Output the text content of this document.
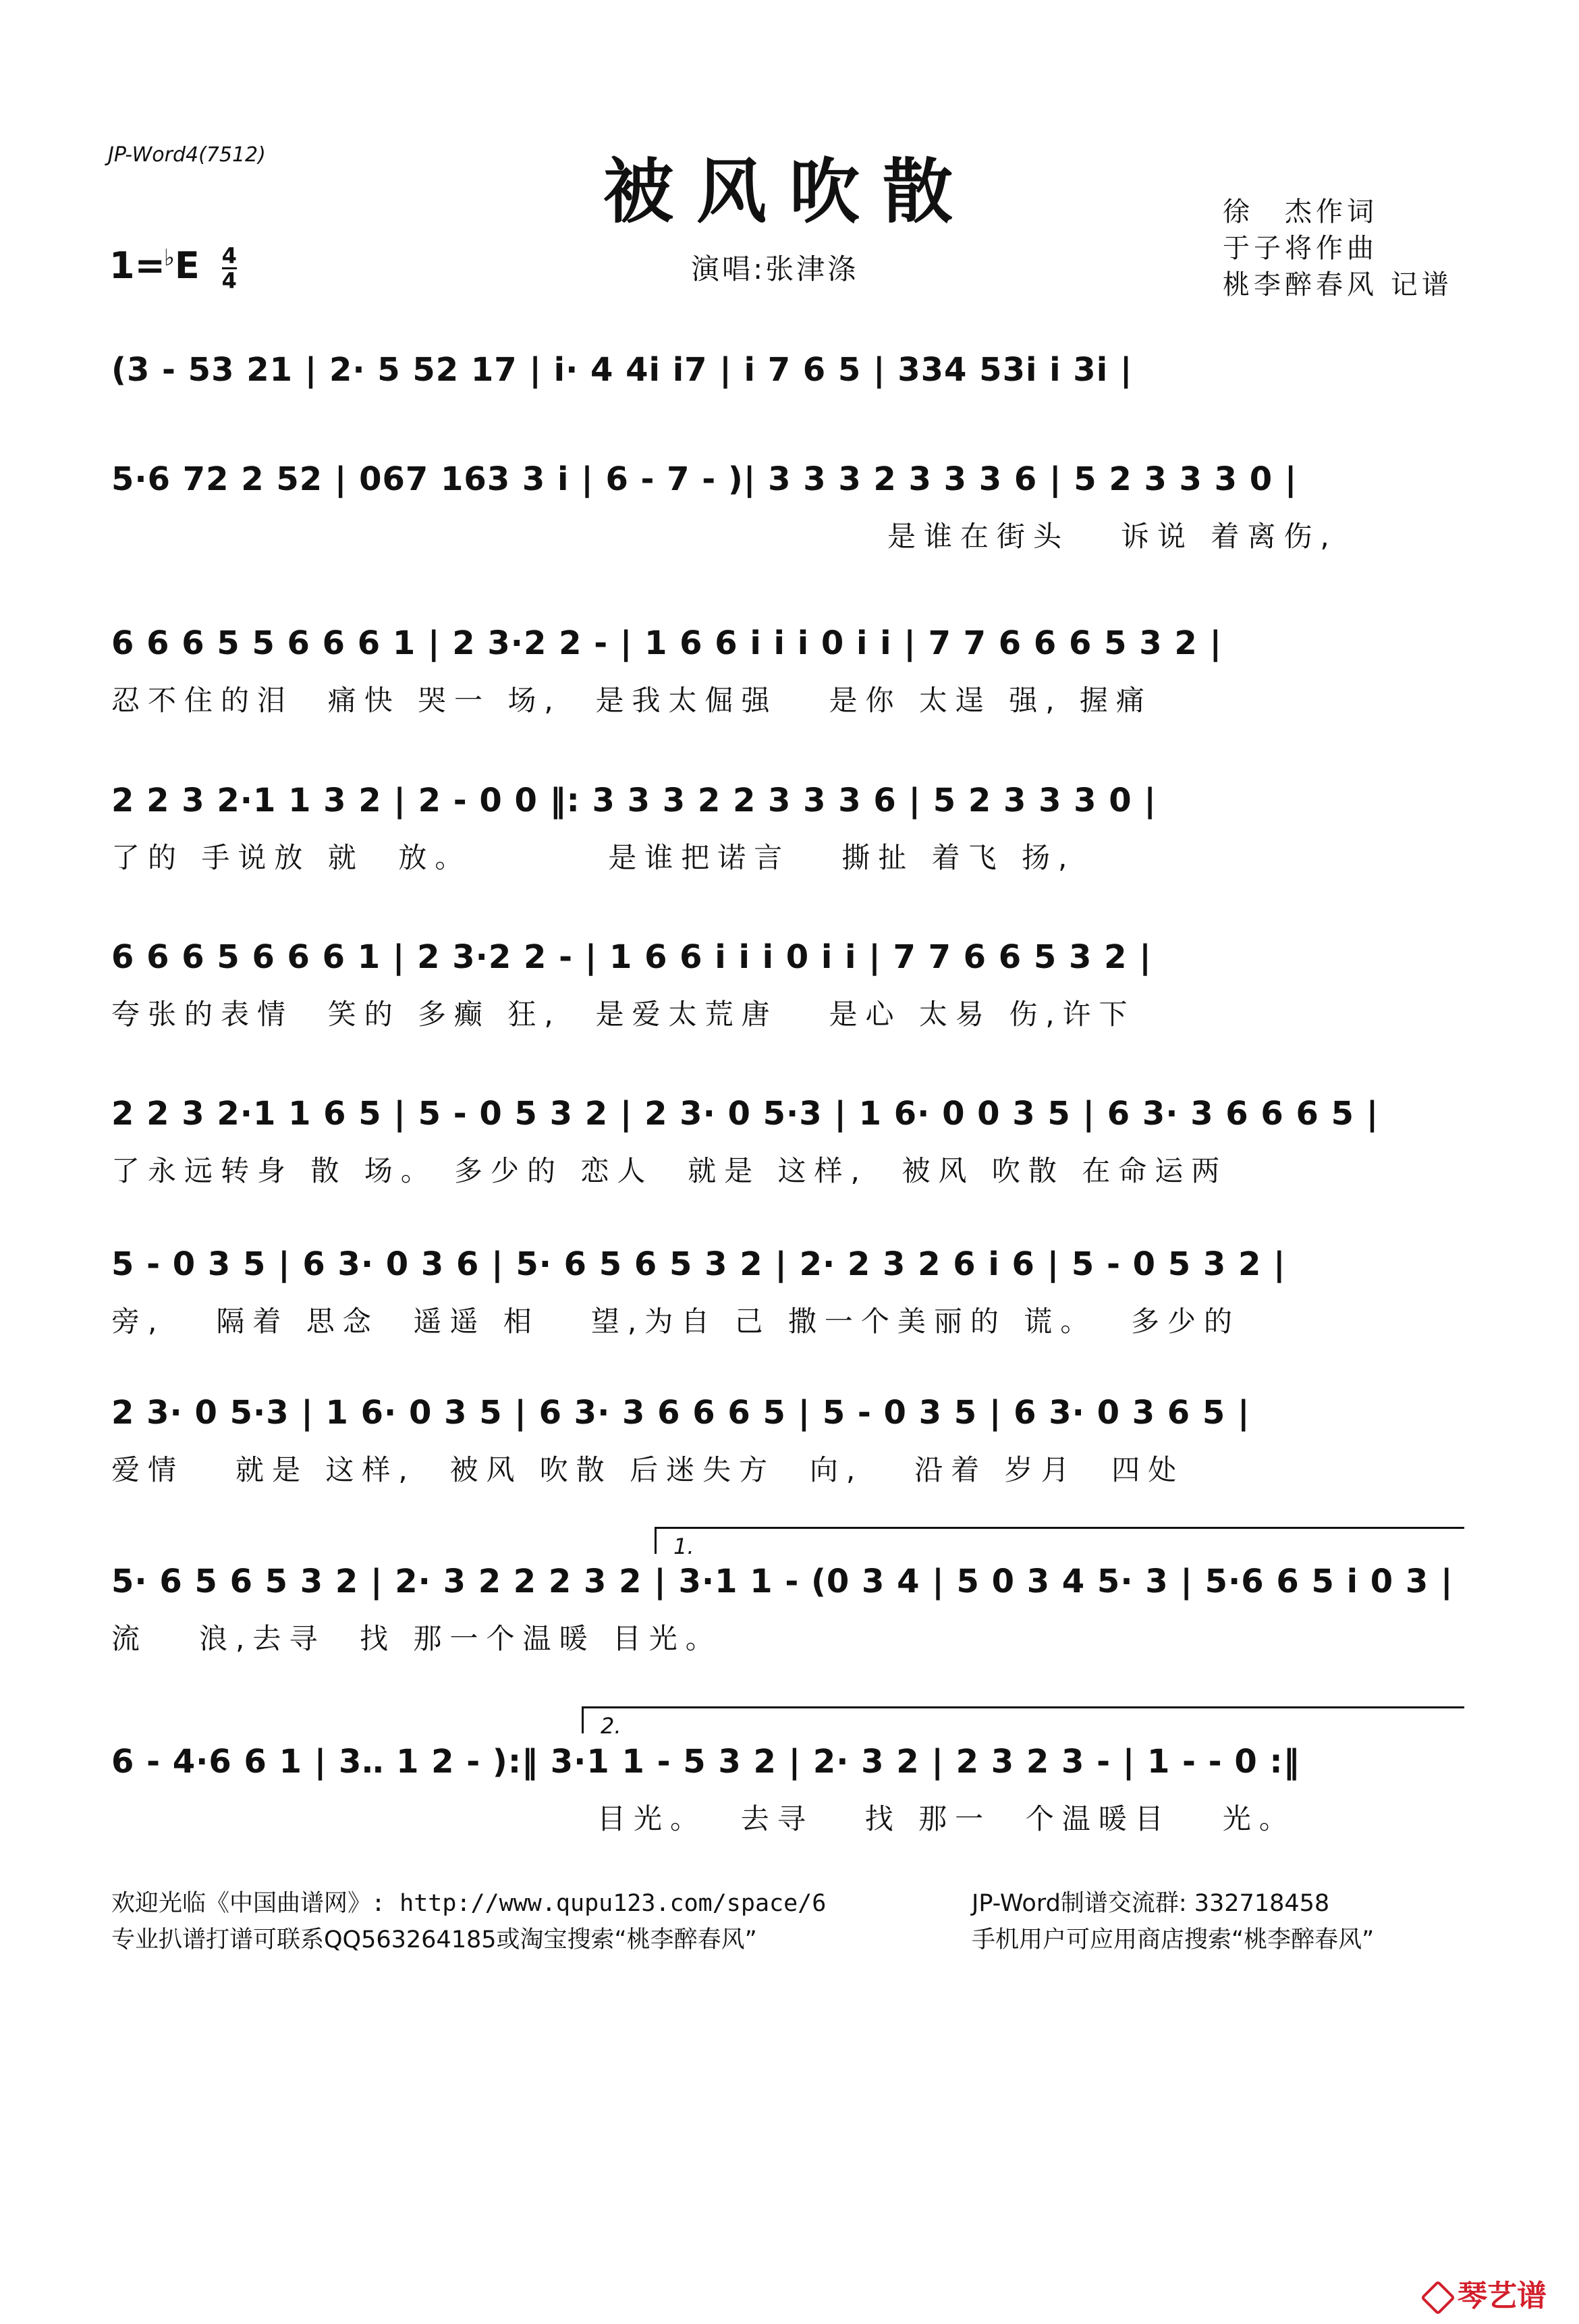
JP-Word4(7512)	被风吹散	徐　杰作词
于子将作曲
桃李醉春风 记谱
$1=^♭E \frac{4}{4}$	演唱:张津涤
(3 - 53 21 | 2· 5 52 17 | i· 4 4i i7 | i 7 6 5 | 334 53i i 3i |
5·6 72 2 52 | 067 163 3 i | 6 - 7 - )| 3 3 3 2 3 3 3 6 | 5 2 3 3 3 0 |
是谁在街头   诉说 着离伤,
6 6 6 5 5 6 6 6 1 | 2 3·2 2 - | 1 6 6 i i i 0 i i | 7 7 6 6 6 5 3 2 |
忍不住的泪  痛快 哭一 场,  是我太倔强   是你 太逞 强, 握痛
2 2 3 2·1 1 3 2 | 2 - 0 0 ‖: 3 3 3 2 2 3 3 3 6 | 5 2 3 3 3 0 |
了的 手说放 就  放。        是谁把诺言   撕扯 着飞 扬,
6 6 6 5 6 6 6 1 | 2 3·2 2 - | 1 6 6 i i i 0 i i | 7 7 6 6 5 3 2 |
夸张的表情  笑的 多癫 狂,  是爱太荒唐   是心 太易 伤,许下
2 2 3 2·1 1 6 5 | 5 - 0 5 3 2 | 2 3· 0 5·3 | 1 6· 0 0 3 5 | 6 3· 3 6 6 6 5 |
了永远转身 散 场。 多少的 恋人  就是 这样,  被风 吹散 在命运两
5 - 0 3 5 | 6 3· 0 3 6 | 5· 6 5 6 5 3 2 | 2· 2 3 2 6 i 6 | 5 - 0 5 3 2 |
旁,   隔着 思念  遥遥 相   望,为自 己 撒一个美丽的 谎。  多少的
2 3· 0 5·3 | 1 6· 0 3 5 | 6 3· 3 6 6 6 5 | 5 - 0 3 5 | 6 3· 0 3 6 5 |
爱情   就是 这样,  被风 吹散 后迷失方  向,   沿着 岁月  四处
1.
5· 6 5 6 5 3 2 | 2· 3 2 2 2 3 2 | 3·1 1 - (0 3 4 | 5 0 3 4 5· 3 | 5·6 6 5 i 0 3 |
流   浪,去寻  找 那一个温暖 目光。
2.
6 - 4·6 6 1 | 3‥ 1 2 - ):‖ 3·1 1 - 5 3 2 | 2· 3 2 | 2 3 2 3 - | 1 - - 0 :‖
目光。  去寻   找 那一  个温暖目   光。
欢迎光临《中国曲谱网》: http://www.qupu123.com/space/6
专业扒谱打谱可联系QQ563264185或淘宝搜索“桃李醉春风”
JP-Word制谱交流群: 332718458
手机用户可应用商店搜索“桃李醉春风”
琴艺谱
